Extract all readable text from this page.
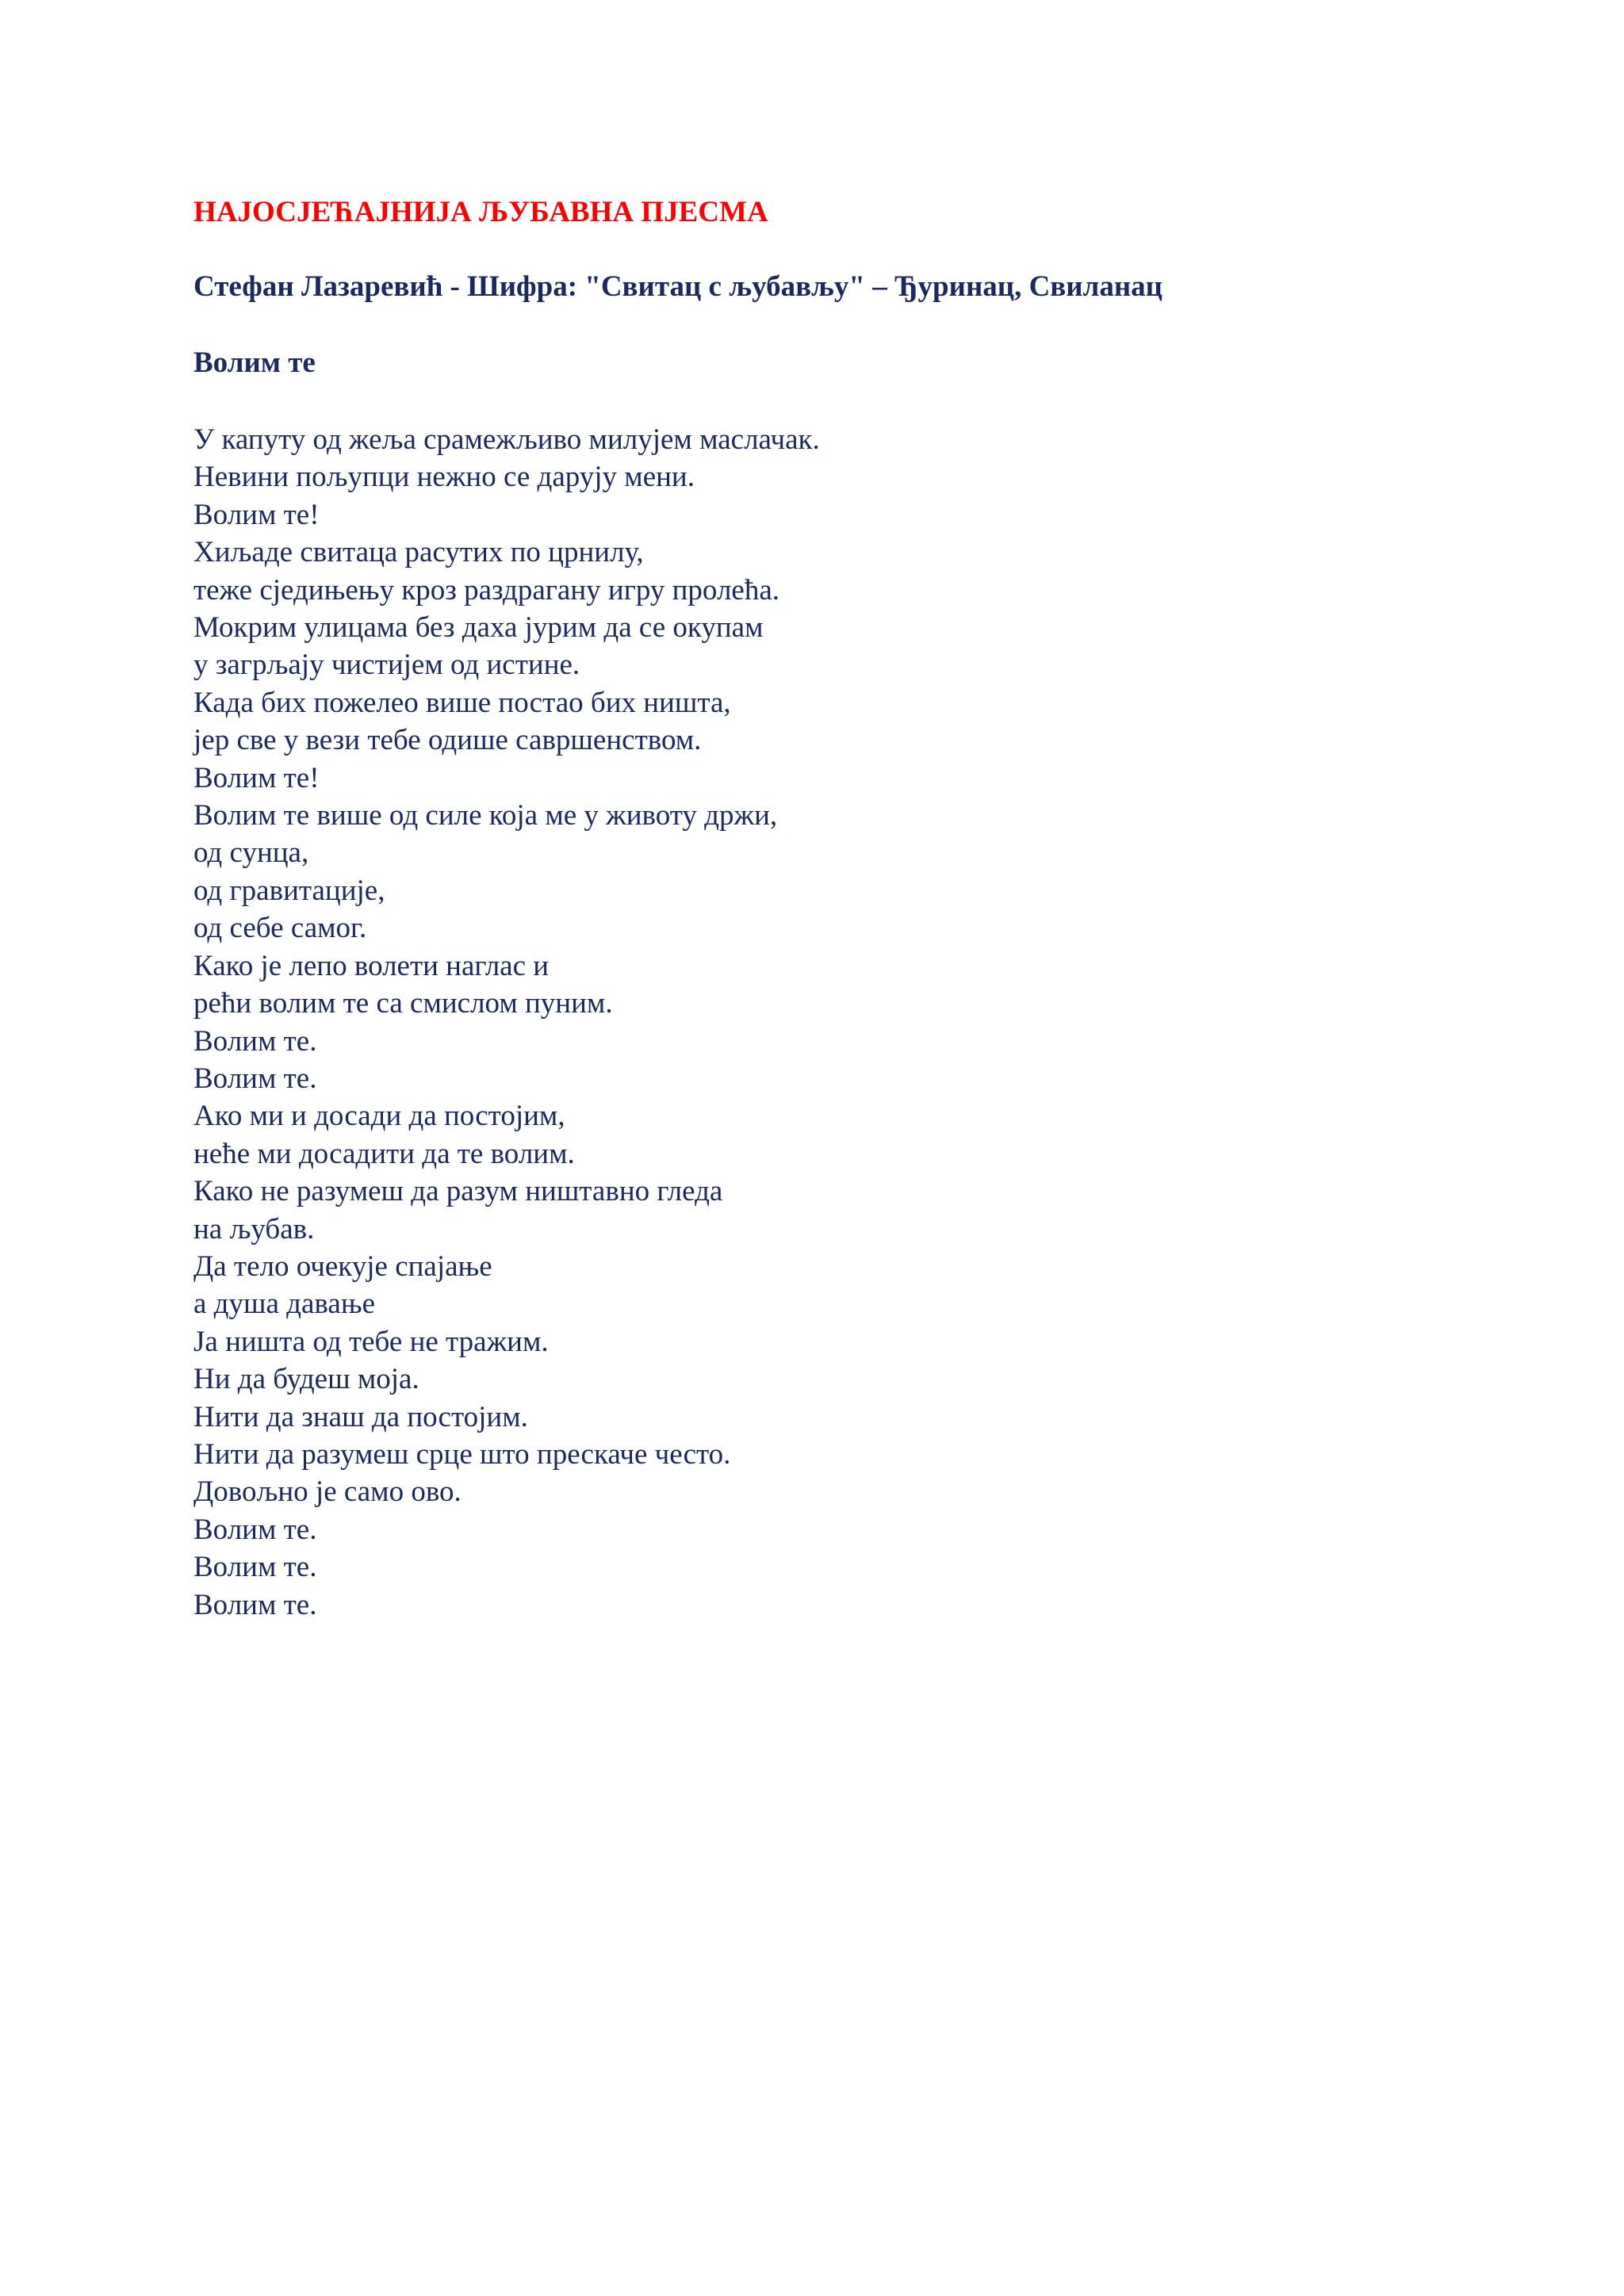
НАЈОСЈЕЋАЈНИЈА ЉУБАВНА ПЈЕСМА

Стефан Лазаревић - Шифра: "Свитац с љубављу" – Ђуринац, Свиланац

Волим те
У капуту од жеља срамежљиво милујем маслачак.
Невини пољупци нежно се дарују мени.
Волим те!
Хиљаде свитаца расутих по црнилу,
теже сједињењу кроз раздрагану игру пролећа.
Мокрим улицама без даха јурим да се окупам
у загрљају чистијем од истине.
Када бих пожелео више постао бих ништа,
јер све у вези тебе одише савршенством.
Волим те!
Волим те више од силе која ме у животу држи,
од сунца,
од гравитације,
од себе самог.
Како је лепо волети наглас и
рећи волим те са смислом пуним.
Волим те.
Волим те.
Ако ми и досади да постојим,
неће ми досадити да те волим.
Како не разумеш да разум ништавно гледа
на љубав.
Да тело очекује спајање
а душа давање
Ја ништа од тебе не тражим.
Ни да будеш моја.
Нити да знаш да постојим.
Нити да разумеш срце што прескаче често.
Довољно је само ово.
Волим те.
Волим те.
Волим те.
